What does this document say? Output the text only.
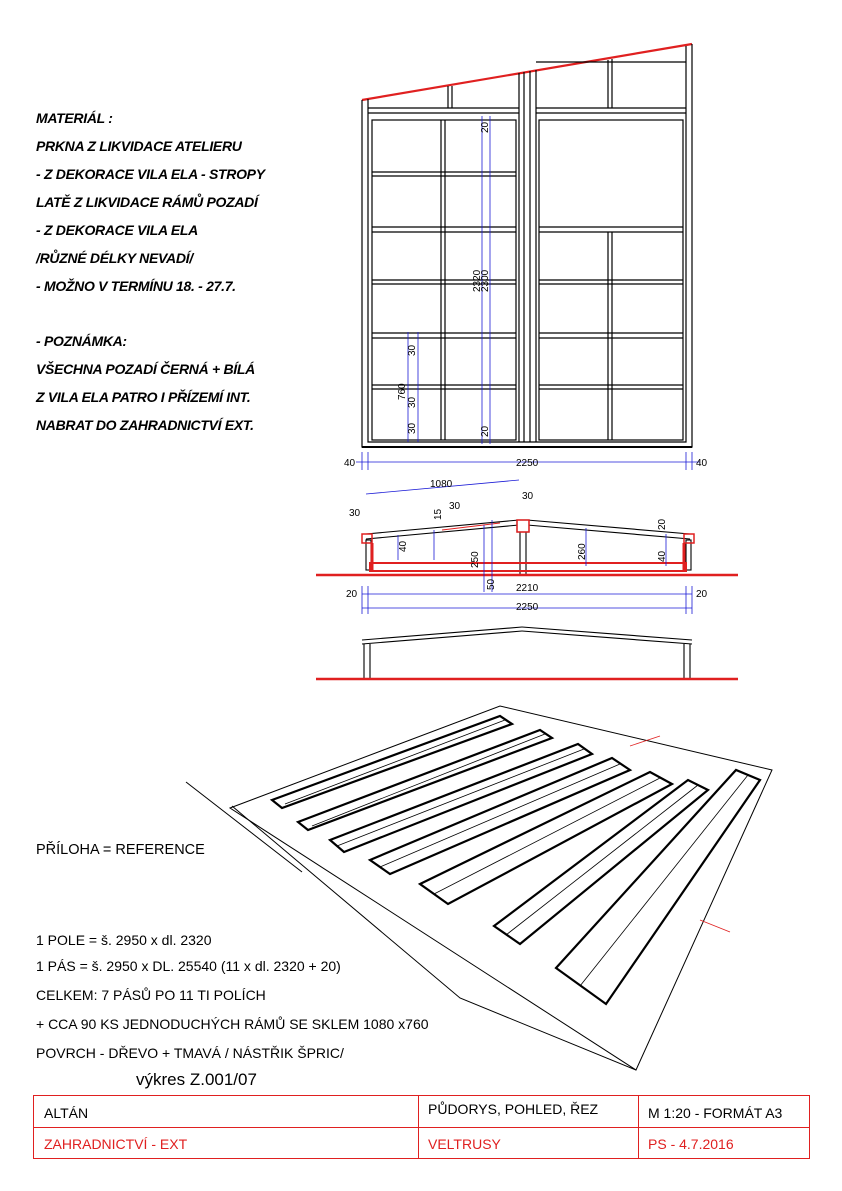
MATERIÁL :
PRKNA Z LIKVIDACE ATELIERU
- Z DEKORACE VILA ELA - STROPY
LATĚ Z LIKVIDACE RÁMŮ POZADÍ
- Z DEKORACE VILA ELA
/RŮZNÉ DÉLKY NEVADÍ/
- MOŽNO V TERMÍNU 18. - 27.7.
- POZNÁMKA:
VŠECHNA POZADÍ ČERNÁ + BÍLÁ
Z VILA ELA PATRO I PŘÍZEMÍ INT.
NABRAT DO ZAHRADNICTVÍ EXT.
40	2250	40
2320
2300
20
20
760
30
30
30
1080
30
30
30
15
250
50
260	40
20
40
20
2210
20
2250
PŘÍLOHA = REFERENCE
1 POLE = š. 2950 x dl. 2320
1 PÁS = š. 2950 x DL. 25540 (11 x dl. 2320 + 20)
CELKEM: 7 PÁSŮ PO 11 TI POLÍCH
+ CCA 90 KS JEDNODUCHÝCH RÁMŮ SE SKLEM 1080 x760
POVRCH - DŘEVO + TMAVÁ / NÁSTŘIK ŠPRIC/
výkres Z.001/07
ALTÁN	PŮDORYS, POHLED, ŘEZ	M 1:20 - FORMÁT A3
ZAHRADNICTVÍ - EXT	VELTRUSY	PS - 4.7.2016
